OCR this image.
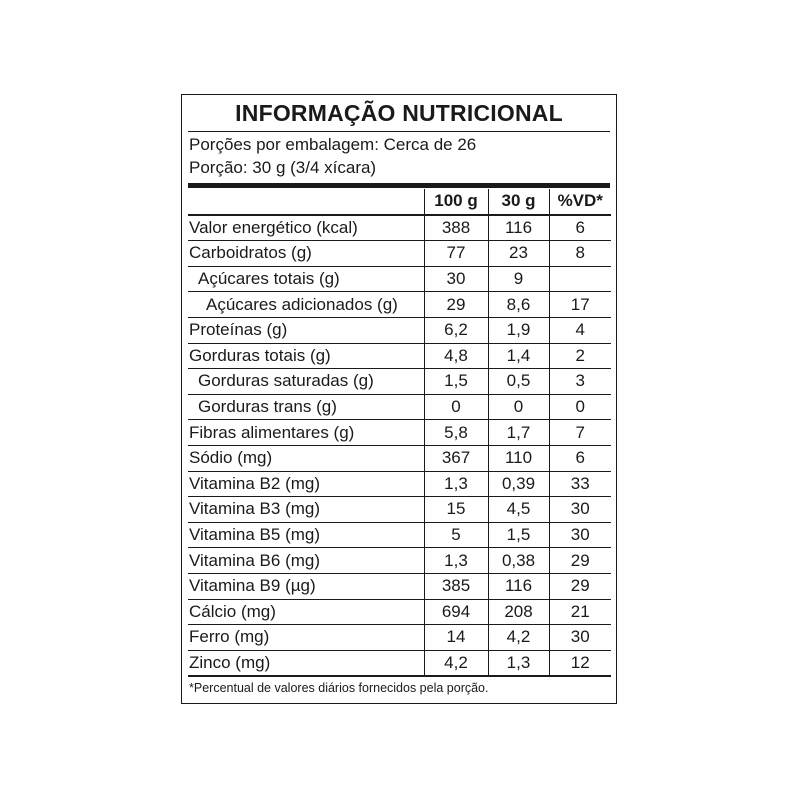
INFORMAÇÃO NUTRICIONAL
Porções por embalagem: Cerca de 26
Porção: 30 g (3/4 xícara)
	100 g	30 g	%VD*
Valor energético (kcal)	388	116	6
Carboidratos (g)	77	23	8
Açúcares totais (g)	30	9	
Açúcares adicionados (g)	29	8,6	17
Proteínas (g)	6,2	1,9	4
Gorduras totais (g)	4,8	1,4	2
Gorduras saturadas (g)	1,5	0,5	3
Gorduras trans (g)	0	0	0
Fibras alimentares (g)	5,8	1,7	7
Sódio (mg)	367	110	6
Vitamina B2 (mg)	1,3	0,39	33
Vitamina B3 (mg)	15	4,5	30
Vitamina B5 (mg)	5	1,5	30
Vitamina B6 (mg)	1,3	0,38	29
Vitamina B9 (µg)	385	116	29
Cálcio (mg)	694	208	21
Ferro (mg)	14	4,2	30
Zinco (mg)	4,2	1,3	12
*Percentual de valores diários fornecidos pela porção.
